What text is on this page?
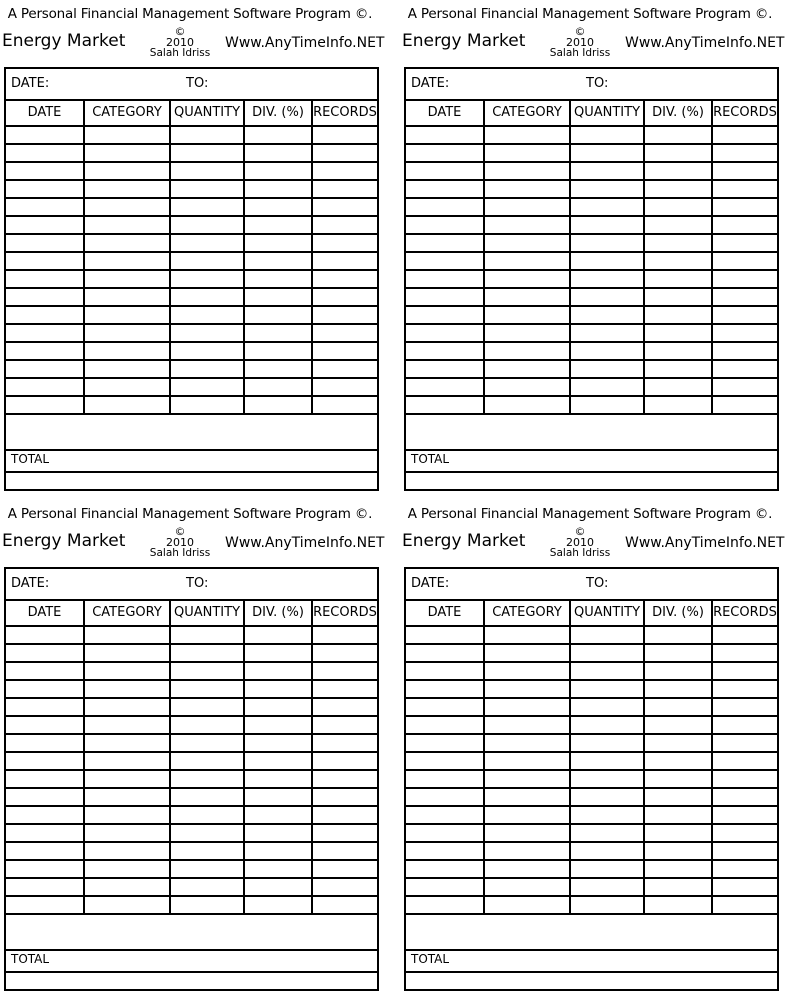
A Personal Financial Management Software Program ©.
Energy Market	©
2010
Salah Idriss
Www.AnyTimeInfo.NET
DATE:	TO:
DATE	CATEGORY	QUANTITY	DIV. (%)	RECORDS

TOTAL
A Personal Financial Management Software Program ©.
Energy Market	©
2010
Salah Idriss
Www.AnyTimeInfo.NET
DATE:	TO:
DATE	CATEGORY	QUANTITY	DIV. (%)	RECORDS

TOTAL
A Personal Financial Management Software Program ©.
Energy Market	©
2010
Salah Idriss
Www.AnyTimeInfo.NET
DATE:	TO:
DATE	CATEGORY	QUANTITY	DIV. (%)	RECORDS

TOTAL
A Personal Financial Management Software Program ©.
Energy Market	©
2010
Salah Idriss
Www.AnyTimeInfo.NET
DATE:	TO:
DATE	CATEGORY	QUANTITY	DIV. (%)	RECORDS

TOTAL
